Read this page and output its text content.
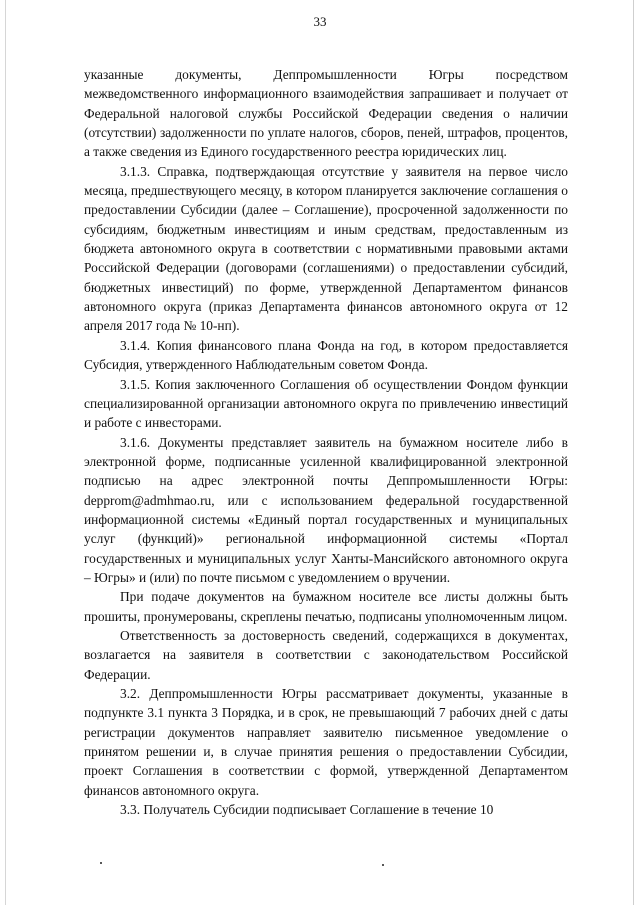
33

указанные документы, Деппромышленности Югры посредством межведомственного информационного взаимодействия запрашивает и получает от Федеральной налоговой службы Российской Федерации сведения о наличии (отсутствии) задолженности по уплате налогов, сборов, пеней, штрафов, процентов, а также сведения из Единого государственного реестра юридических лиц.

3.1.3. Справка, подтверждающая отсутствие у заявителя на первое число месяца, предшествующего месяцу, в котором планируется заключение соглашения о предоставлении Субсидии (далее – Соглашение), просроченной задолженности по субсидиям, бюджетным инвестициям и иным средствам, предоставленным из бюджета автономного округа в соответствии с нормативными правовыми актами Российской Федерации (договорами (соглашениями) о предоставлении субсидий, бюджетных инвестиций) по форме, утвержденной Департаментом финансов автономного округа (приказ Департамента финансов автономного округа от 12 апреля 2017 года № 10-нп).

3.1.4. Копия финансового плана Фонда на год, в котором предоставляется Субсидия, утвержденного Наблюдательным советом Фонда.

3.1.5. Копия заключенного Соглашения об осуществлении Фондом функции специализированной организации автономного округа по привлечению инвестиций и работе с инвесторами.

3.1.6. Документы представляет заявитель на бумажном носителе либо в электронной форме, подписанные усиленной квалифицированной электронной подписью на адрес электронной почты Деппромышленности Югры: depprom@admhmao.ru, или с использованием федеральной государственной информационной системы «Единый портал государственных и муниципальных услуг (функций)» региональной информационной системы «Портал государственных и муниципальных услуг Ханты-Мансийского автономного округа – Югры» и (или) по почте письмом с уведомлением о вручении.

При подаче документов на бумажном носителе все листы должны быть прошиты, пронумерованы, скреплены печатью, подписаны уполномоченным лицом.

Ответственность за достоверность сведений, содержащихся в документах, возлагается на заявителя в соответствии с законодательством Российской Федерации.

3.2. Деппромышленности Югры рассматривает документы, указанные в подпункте 3.1 пункта 3 Порядка, и в срок, не превышающий 7 рабочих дней с даты регистрации документов направляет заявителю письменное уведомление о принятом решении и, в случае принятия решения о предоставлении Субсидии, проект Соглашения в соответствии с формой, утвержденной Департаментом финансов автономного округа.

3.3. Получатель Субсидии подписывает Соглашение в течение 10
